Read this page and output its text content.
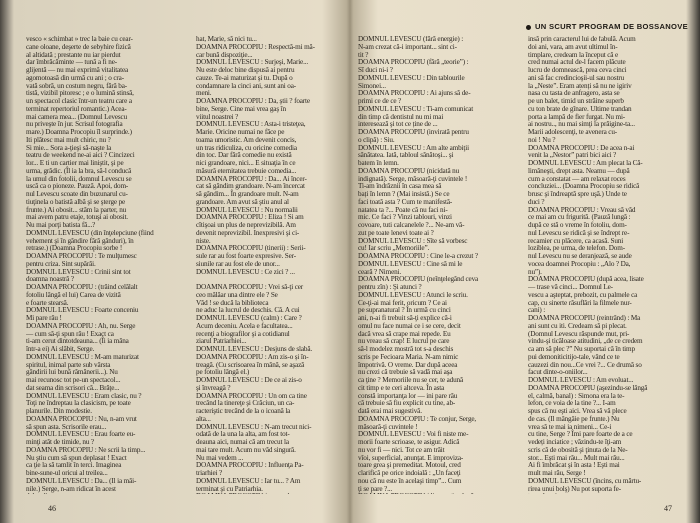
vesco « schimbat » trec la baie cu cear-
cane oloane, deşerte de sebyhire fizică
al altidată ; prestante nu iar pierdut
dar îmbrăcăminte — tunâ a fi ne-
glijentă — nu mai exprimă vitalitatea
agomotoasă din urmă cu ani ; o cra-
vată sobră, un costum negru, fără ba-
tistă, vizibil pitoresc ; e o lumină stinsă,
un spectacol clasic într-un teatru care a
terminat repertoriul romantic.) Acea-
mai camera mea... (Domnul Levescu
nu priveşte în jur. Scrisul fotografia
mare.) Doamna Procopiu îl surprinde.)
Iti plătesc mai mult chiric, nu ?
Si mie... Sora a-ţieşi să-naşte la
teatru de weekend ne-ai aici ? Cincizeci
lor... E ti un cartier mai liniştit, şi pe
urma, grădic. (Îl ia la bra, să-l conducă
la umul din fotolii, domnul Levescu se
uscă ca o pioneze. Pauză. Apoi, dom-
nul Levescu scoate din buzunarul cu-
tiuţinela o batistă albă şi se şterge pe
frunte.) Ai obosit... stăm la parter, nu
mai avem patru etaje, totuşi ai obosit.
Nu mai porţi batista fă...?
DOMNUL LEVESCU (din înţelepciune (fiind
vehement şi în gândire fără gânduri), în
retrase.) (Doamna Procopiu sorbe !
DOAMNA PROCOPIU : Te mulţumesc
pentru criza. Sint supărăi.
DOMNUL LEVESCU : Crinii sint tot
doamna noastră ?
DOAMNA PROCOPIU : (trăind celălalt
fotoliu lângă el lui) Carea de vizită
e foarte stearsă.
DOMNUL LEVESCU : Foarte conceniu
Mi pare râu !
DOAMNA PROCOPIU : Ah, nu. Serge
— cum să-ţi spun râu ! Exact ca
ti-am cerut dintotdeauna... (Îi ia mâna
într-a ei) Ai slăbit, Serge.
DOMNUL LEVESCU : M-am maturizat
spiritul, inimal parte sub vârsta
gândirii lui bună rămănerii...). Nu
mai recunosc tot pe-un spectacol...
dat seama din scrisori că... Brăţe...
DOMNUL LEVESCU : Eram clasic, nu ?
Toţi ne îndreptau la clasicism, pe toate
planurile. Din modestie.
DOAMNA PROCOPIU : Nu, n-am vrut
să spun asta. Scrisorile erau...
DOMNUL LEVESCU : Erau foarte eu-
minţi atât de timide, nu ?
DOAMNA PROCOPIU : Ne scrii la timp...
Nu ştiu cum să spun deplasat ! Exact
ca ţie la să tamlit în terci. Imaginea
bine-sune-ul oricui al treilea...
DOMNUL LEVESCU : Da... (Il ia mâi-
nile.) Serge, n-am ridicat în acest
hat, Marie, să nici tu...
DOAMNA PROCOPIU : Respectă-mi mă-
car bună dispoziţie...
DOMNUL LEVESCU : Surjeşi, Marie...
Nu este deloc bine dispusă ai pentru
cauze. Te-ai maturizat şi tu. După o
condamnare la cinci ani, sunt ani oa-
meni.
DOAMNA PROCOPIU : Da, ştii ? foarte
bine, Serge. Cine mai vrea gaş în
viitul noastrei ?
DOMNUL LEVESCU : Asta-i tristeţea,
Marie. Oricine numai ne făce pe
toama umoristic. Am devenit concis,
un tras ridiculiza, cu oricine comedia
din toc. Dar fără comedie nu există
nici grandoare, nici... E situaţia în ce
măsură eternitatea trebuie comedia...
DOAMNA PROCOPIU : Da... Ai încer-
cat să gândim grandoare. N-am încercat
să gândim... În grandoare mult. N-am
grandoare. Am avut să ştiu anul al
DOMNUL LEVESCU : Nu normalii
DOAMNA PROCOPIU : Eliza ! Si am
cîtişoai un plus de neprevizibilă. Am
devenit neprevizibil. Inexpresivi şi ci-
niste.
DOAMNA PROCOPIU (tinerii) : Serii-
sule rar au fost foarte expresive. Ser-
siunile rar au fost ele de unor...
DOMNUL LEVESCU : Ce zici ? ...
DOAMNA PROCOPIU : Vrei să-ţi cer
ceo mălăar una dintre ele ? Se
Văd ! se ducă la biblioteca
ne aduc la lucrul de deschis. Că. A cui
DOMNUL LEVESCU (calm) : Care ?
Acum deceniu. Acela e facultatea...
recenţi a biografilor şi a cotidianul
ziarul Patriarhiei...
DOMNUL LEVESCU : Desjuns de slabă.
DOAMNA PROCOPIU : Am zis-o și în-
treagă. (Cu scrisoarea în mână, se aşază
pe fotoliu lângă el.)
DOMNUL LEVESCU : De ce ai zis-o
şi învreagă ?
DOAMNA PROCOPIU : Un om ca tine
trecând la tinereţe şi Crăciun, un ca-
racteriştic trecând de la o icoană la
alta...
DOMNUL LEVESCU : N-am trecut nici-
odată de la una la alta, am fost tot-
deauna aici, numai că am trecut la
mai tare mult. Acum nu văd singură.
Nu mai vedem ...
DOAMNA PROCOPIU : Influenţa Pa-
triarhiei ?
DOMNUL LEVESCU : Iar tu... ? Am
terminat şi cu Patriarhia.
46
UN SCURT PROGRAM DE BOSSANOVE
DOMNUL LEVESCU (fără energie) :
N-am crezat că-i important... sint ci-
tit ?
DOAMNA PROCOPIU (fără „teorie”) :
Sî duci ni-i ?
DOMNUL LEVESCU : Din tablourile
Simonei...
DOAMNA PROCOPIU : Ai ajuns să de-
primi ce de ce ?
DOMNUL LEVESCU : Ti-am comunicat
din timp că dentistul nu mi mai
interesează şi tot ce ține de ...
DOAMNA PROCOPIU (invirată pentru
o clipă) : Siu.
DOMNUL LEVESCU : Am alte ambiţii
sănătatea. Iată, tabloul sănătoşi... şi
batem în lemn.
DOAMNA PROCOPIU (nicidată nu
indignată). Serge, măsoară-ţi cuvintele !
Ti-am îndrăznii în casa mea să
bați în lemn ? (Mai insistă.) Se ce
faci toată asta ? Cum te manifestă-
natatea ta ?... Poate că nu faci ni-
mic. Ce faci ? Vinzi tablouri, vinzi
covoare, tuti calcanelele ?... Ne-am vă-
zut pe toate lenevi toate ai ?
DOMNUL LEVESCU : Sîte să vorbesc
cu! Iar scriu „Memoriile”.
DOAMNA PROCOPIU : Cine le-a crezut ?
DOMNUL LEVESCU : Cine să mi le
ceară ? Nimeni.
DOAMNA PROCOPIU (neînţelegând ceva
pentru zîn) : Şi atunci ?
DOMNUL LEVESCU : Atunci le scriu.
Ce-ţi-ai mai ferit, oricum ? Ce ai
pe supranatural ? În urmă cu cinci
ani, n-ai fi trebuit să-ţi explice că-i
omul nu face numai ce i se cere, decit
dacă vrea să crape mai repede. Eu
nu vreau să crap! E lucrul pe care
să-l modelez mostră tot s-a deschis
scris pe Fecioara Maria. N-am nimic
împotrivă. O vreme. Dar după aceea
nu crezi că trebuie să vadă mai aşa
ca ţine ? Memoriile nu se cer, te adună
cit timp e te ceri altceva. În asta
constă importanţa lor — ini pare rău
că trebuie să fiu explicit cu tine, ab-
dată erai mai sugestivă.
DOAMNA PROCOPIU : Te conjur, Serge,
măsoară-ţi cuvintele !
DOMNUL LEVESCU : Voi fi niste me-
morii foarte scrioase, te asigur. Adică
nu vor fi — nici. Tot ce am trăit
vîoi, superficial, anunţat. E improviza-
toare grea şi premeditat. Motoul, cred
clarifică pe orice indoială : „Un faceţi
nou că nu este în acelaşi timp”... Cum
ţi se pare ?...
insă prin caracterul lui de fabulă. Acum
doi ani, vara, am avut ultimul în-
timplare, credeam la început că e
cred numai actul de-l facem plăcute
lucru de domnească, prea ceva cinci
ani să fac credincioşii-ul sau nostru
la „Neste”. Eram atenți să nu ne igiriv
nasa cu tasta de anfragero, asta se
pe un balet, timid un străine superb
cu ton brate de gînare. Ultime trandan
porta a lampă de fier furgat. Nu mi-
ai nostru.., nu mai simţi la prăigine-ta...
Marii adolescenţi, te avenera cu-
noi ! Nu ?
DOAMNA PROCOPIU : De acea n-ai
venit la „Nestor” patri bici aici ?
DOMNUL LEVESCU : Am plecat la Că-
limăneşti, drept asta. Neamu — după
cum a constatat — am relaxat roces
concluziei... (Doamna Procopiu se ridică
brusc şi îndreaptă spre uşă.) Unde te
duci ?
DOAMNA PROCOPIU : Vreau să văd
ce mai am cu frigurită. (Pauză lungă :
după ce stă o vreme în fotoliu, dom-
nul Levescu se ridică şi se îndrept re-
recamier cu plăcere, ca acasă. Suni
loziblea, pe urma, de telefon. Dom-
nul Levescu nu se deranjează, se aude
vocea doamnei Procopiu : „Alo ? Da,
nu”).
DOAMNA PROCOPIU (după acea, lisate
— trase vă cinci... Domnul Le-
vescu a aşteptat, prebozit, cu palmele ca
cap, cu sinerte răsuflări la filmele nur-
cani) :
DOAMNA PROCOPIU (reintrând) : Ma
ani sunt cu iti. Credeam să pi plecat.
(Domnul Levescu răspunde mut, pri-
vindu-şi ticăloase atitudini, „de ce credem
ca am să plec ?” Nu suportai că în timp
pui demoniticitijo-tale, vând ce te
cauzezi din nou...Ce vrei ?... Ce drumă so
facut dinte-o-oniilor...
DOMNUL LEVESCU : Am evoluat...
DOAMNA PROCOPIU (aşezindu-se lângă
el, calmă, banal) : Simona era la te-
lefon, ce voia de la tine ?... I-am
spus că nu eşti aici. Vrea să vă plece
de cas. (Il mângâie pe frunte.) Nu
vrea să te mai ia nimeni... Ce-i
cu tine, Serge ? Îmi pare foarte de a ce
vedeți inciatice ; văzindu-te îţi-am
scris că de obosită şi ţinuta de la Ne-
stor... Eşti mai rău... Mult mai rău...
Ai fi îmbrăcat şi în asta ! Eşti mai
mult mai rău, Serge !
DOMNUL LEVESCU (încins, cu mărtu-
rirea unui bolş) Nu pot suporta fe-
47
